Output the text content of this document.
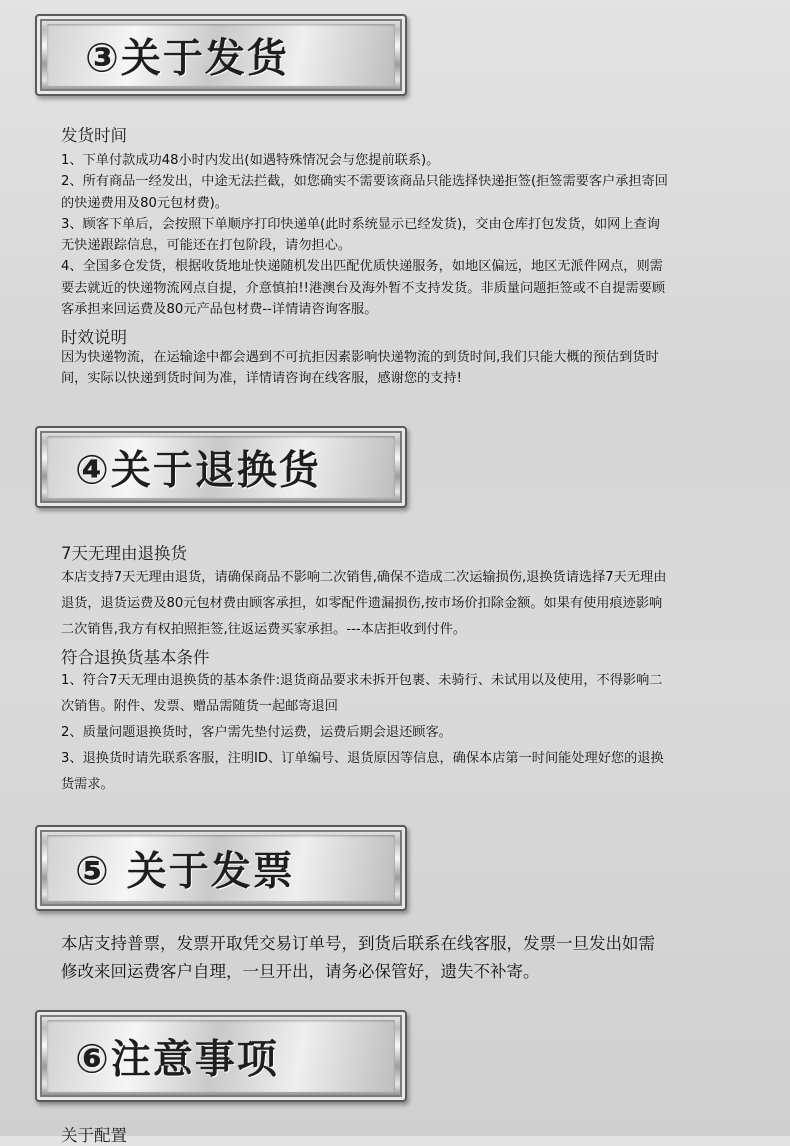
③关于发货
发货时间
1、下单付款成功48小时内发出(如遇特殊情况会与您提前联系)。
2、所有商品一经发出，中途无法拦截，如您确实不需要该商品只能选择快递拒签(拒签需要客户承担寄回
的快递费用及80元包材费)。
3、顾客下单后，会按照下单顺序打印快递单(此时系统显示已经发货)，交由仓库打包发货，如网上查询
无快递跟踪信息，可能还在打包阶段，请勿担心。
4、全国多仓发货，根据收货地址快递随机发出匹配优质快递服务，如地区偏远，地区无派件网点，则需
要去就近的快递物流网点自提，介意慎拍!!港澳台及海外暂不支持发货。非质量问题拒签或不自提需要顾
客承担来回运费及80元产品包材费--详情请咨询客服。
时效说明
因为快递物流，在运输途中都会遇到不可抗拒因素影响快递物流的到货时间,我们只能大概的预估到货时
间，实际以快递到货时间为准，详情请咨询在线客服，感谢您的支持!
④关于退换货
7天无理由退换货
本店支持7天无理由退货，请确保商品不影响二次销售,确保不造成二次运输损伤,退换货请选择7天无理由
退货，退货运费及80元包材费由顾客承担，如零配件遗漏损伤,按市场价扣除金额。如果有使用痕迹影响
二次销售,我方有权拍照拒签,往返运费买家承担。---本店拒收到付件。
符合退换货基本条件
1、符合7天无理由退换货的基本条件:退货商品要求未拆开包裹、未骑行、未试用以及使用，不得影响二
次销售。附件、发票、赠品需随货一起邮寄退回
2、质量问题退换货时，客户需先垫付运费，运费后期会退还顾客。
3、退换货时请先联系客服，注明ID、订单编号、退货原因等信息，确保本店第一时间能处理好您的退换
货需求。
⑤ 关于发票
本店支持普票，发票开取凭交易订单号，到货后联系在线客服，发票一旦发出如需
修改来回运费客户自理，一旦开出，请务必保管好，遗失不补寄。
⑥注意事项
关于配置
